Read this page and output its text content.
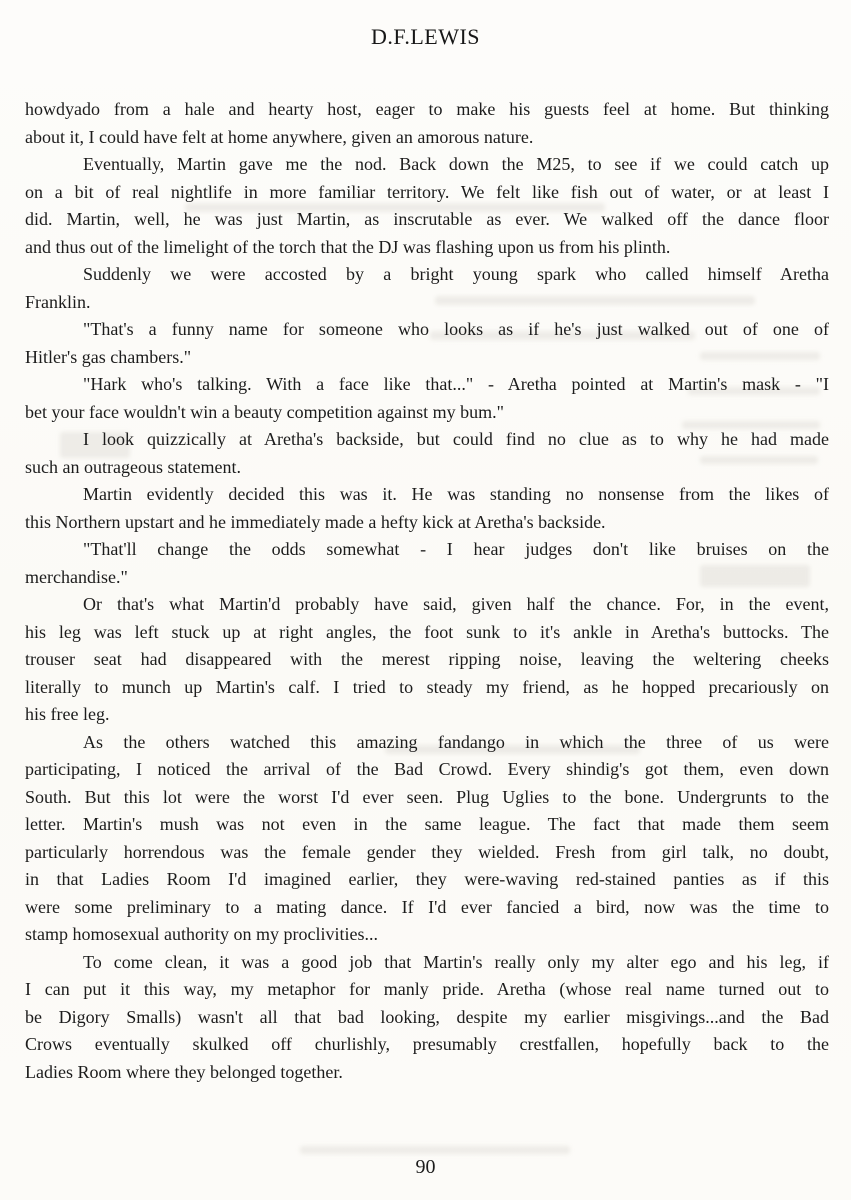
D.F.LEWIS
howdyado from a hale and hearty host, eager to make his guests feel at home. But thinking
about it, I could have felt at home anywhere, given an amorous nature.
Eventually, Martin gave me the nod. Back down the M25, to see if we could catch up
on a bit of real nightlife in more familiar territory. We felt like fish out of water, or at least I
did. Martin, well, he was just Martin, as inscrutable as ever. We walked off the dance floor
and thus out of the limelight of the torch that the DJ was flashing upon us from his plinth.
Suddenly we were accosted by a bright young spark who called himself Aretha
Franklin.
"That's a funny name for someone who looks as if he's just walked out of one of
Hitler's gas chambers."
"Hark who's talking. With a face like that..." - Aretha pointed at Martin's mask - "I
bet your face wouldn't win a beauty competition against my bum."
I look quizzically at Aretha's backside, but could find no clue as to why he had made
such an outrageous statement.
Martin evidently decided this was it. He was standing no nonsense from the likes of
this Northern upstart and he immediately made a hefty kick at Aretha's backside.
"That'll change the odds somewhat - I hear judges don't like bruises on the
merchandise."
Or that's what Martin'd probably have said, given half the chance. For, in the event,
his leg was left stuck up at right angles, the foot sunk to it's ankle in Aretha's buttocks. The
trouser seat had disappeared with the merest ripping noise, leaving the weltering cheeks
literally to munch up Martin's calf. I tried to steady my friend, as he hopped precariously on
his free leg.
As the others watched this amazing fandango in which the three of us were
participating, I noticed the arrival of the Bad Crowd. Every shindig's got them, even down
South. But this lot were the worst I'd ever seen. Plug Uglies to the bone. Undergrunts to the
letter. Martin's mush was not even in the same league. The fact that made them seem
particularly horrendous was the female gender they wielded. Fresh from girl talk, no doubt,
in that Ladies Room I'd imagined earlier, they were-waving red-stained panties as if this
were some preliminary to a mating dance. If I'd ever fancied a bird, now was the time to
stamp homosexual authority on my proclivities...
To come clean, it was a good job that Martin's really only my alter ego and his leg, if
I can put it this way, my metaphor for manly pride. Aretha (whose real name turned out to
be Digory Smalls) wasn't all that bad looking, despite my earlier misgivings...and the Bad
Crows eventually skulked off churlishly, presumably crestfallen, hopefully back to the
Ladies Room where they belonged together.
90
